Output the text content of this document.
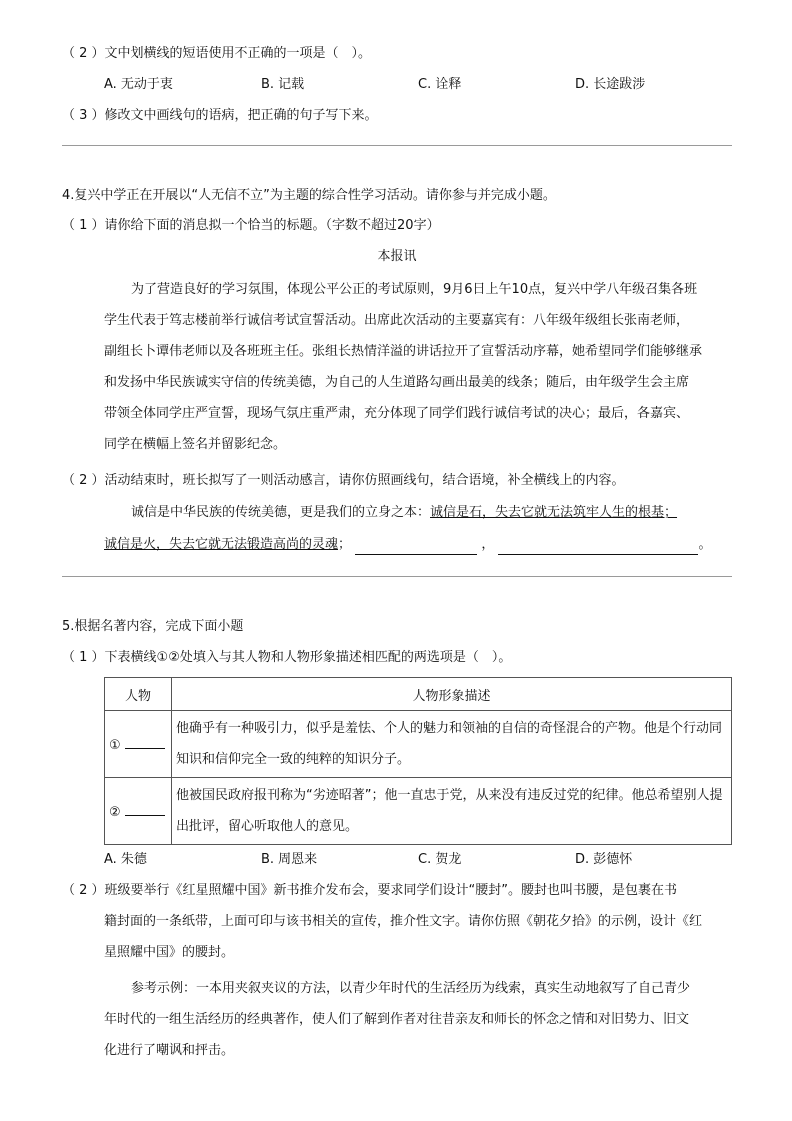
（ 2 ）文中划横线的短语使用不正确的一项是（　）。
A. 无动于衷	B. 记载	C. 诠释	D. 长途跋涉
（ 3 ）修改文中画线句的语病，把正确的句子写下来。
4.复兴中学正在开展以“人无信不立”为主题的综合性学习活动。请你参与并完成小题。
（ 1 ）请你给下面的消息拟一个恰当的标题。（字数不超过20字）
本报讯
为了营造良好的学习氛围，体现公平公正的考试原则，9月6日上午10点，复兴中学八年级召集各班
学生代表于笃志楼前举行诚信考试宣誓活动。出席此次活动的主要嘉宾有：八年级年级组长张南老师，
副组长卜谭伟老师以及各班班主任。张组长热情洋溢的讲话拉开了宣誓活动序幕，她希望同学们能够继承
和发扬中华民族诚实守信的传统美德，为自己的人生道路勾画出最美的线条；随后，由年级学生会主席
带领全体同学庄严宣誓，现场气氛庄重严肃，充分体现了同学们践行诚信考试的决心；最后，各嘉宾、
同学在横幅上签名并留影纪念。
（ 2 ）活动结束时，班长拟写了一则活动感言，请你仿照画线句，结合语境，补全横线上的内容。
诚信是中华民族的传统美德，更是我们的立身之本：诚信是石，失去它就无法筑牢人生的根基；
诚信是火，失去它就无法锻造高尚的灵魂；	，	。
5.根据名著内容，完成下面小题
（ 1 ）下表横线①②处填入与其人物和人物形象描述相匹配的两选项是（　）。
人物	人物形象描述
①	他确乎有一种吸引力，似乎是羞怯、个人的魅力和领袖的自信的奇怪混合的产物。他是个行动同知识和信仰完全一致的纯粹的知识分子。
②	他被国民政府报刊称为“劣迹昭著”；他一直忠于党，从来没有违反过党的纪律。他总希望别人提出批评，留心听取他人的意见。
A. 朱德	B. 周恩来	C. 贺龙	D. 彭德怀
（ 2 ）班级要举行《红星照耀中国》新书推介发布会，要求同学们设计“腰封”。腰封也叫书腰，是包裹在书
籍封面的一条纸带，上面可印与该书相关的宣传，推介性文字。请你仿照《朝花夕拾》的示例，设计《红
星照耀中国》的腰封。
参考示例：一本用夹叙夹议的方法，以青少年时代的生活经历为线索，真实生动地叙写了自己青少
年时代的一组生活经历的经典著作，使人们了解到作者对往昔亲友和师长的怀念之情和对旧势力、旧文
化进行了嘲讽和抨击。
